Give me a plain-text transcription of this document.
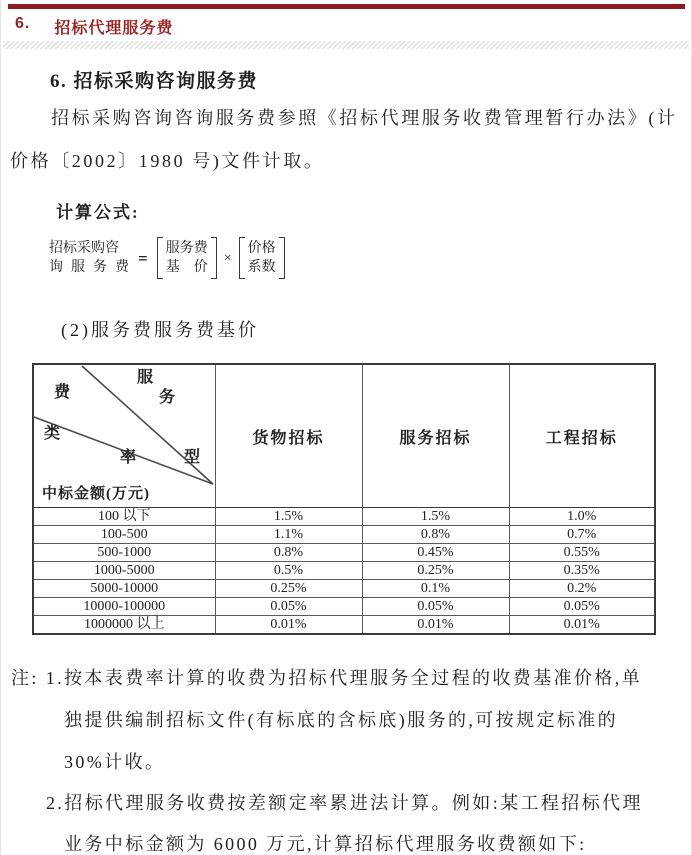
6. 招标代理服务费
6. 招标采购咨询服务费
招标采购咨询咨询服务费参照《招标代理服务收费管理暂行办法》(计
价格〔2002〕1980 号)文件计取。
计算公式:
招标采购咨
询 服 务 费 = 服务费
基 价
×
价格
系数
(2)服务费服务费基价
服
务
费
类
率	型
中标金额(万元)
	货物招标	服务招标	工程招标
100 以下	1.5%	1.5%	1.0%
100-500	1.1%	0.8%	0.7%
500-1000	0.8%	0.45%	0.55%
1000-5000	0.5%	0.25%	0.35%
5000-10000	0.25%	0.1%	0.2%
10000-100000	0.05%	0.05%	0.05%
1000000 以上	0.01%	0.01%	0.01%
注: 1.按本表费率计算的收费为招标代理服务全过程的收费基准价格,单
独提供编制招标文件(有标底的含标底)服务的,可按规定标准的
30%计收。
2.招标代理服务收费按差额定率累进法计算。例如:某工程招标代理
业务中标金额为 6000 万元,计算招标代理服务收费额如下:
